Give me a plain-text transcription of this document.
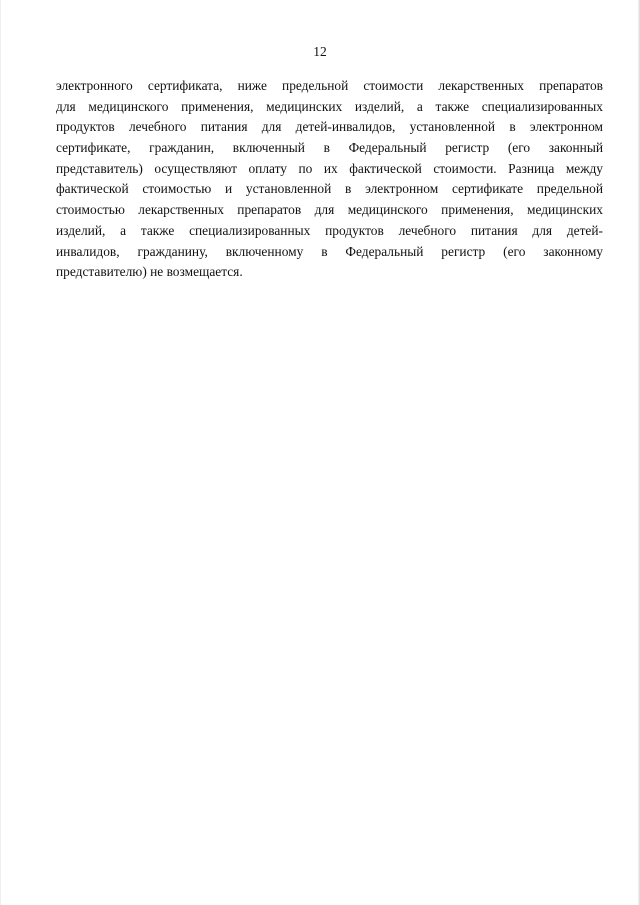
12
электронного сертификата, ниже предельной стоимости лекарственных препаратов
для медицинского применения, медицинских изделий, а также специализированных
продуктов лечебного питания для детей-инвалидов, установленной в электронном
сертификате, гражданин, включенный в Федеральный регистр (его законный
представитель) осуществляют оплату по их фактической стоимости. Разница между
фактической стоимостью и установленной в электронном сертификате предельной
стоимостью лекарственных препаратов для медицинского применения, медицинских
изделий, а также специализированных продуктов лечебного питания для детей-
инвалидов, гражданину, включенному в Федеральный регистр (его законному
представителю) не возмещается.
